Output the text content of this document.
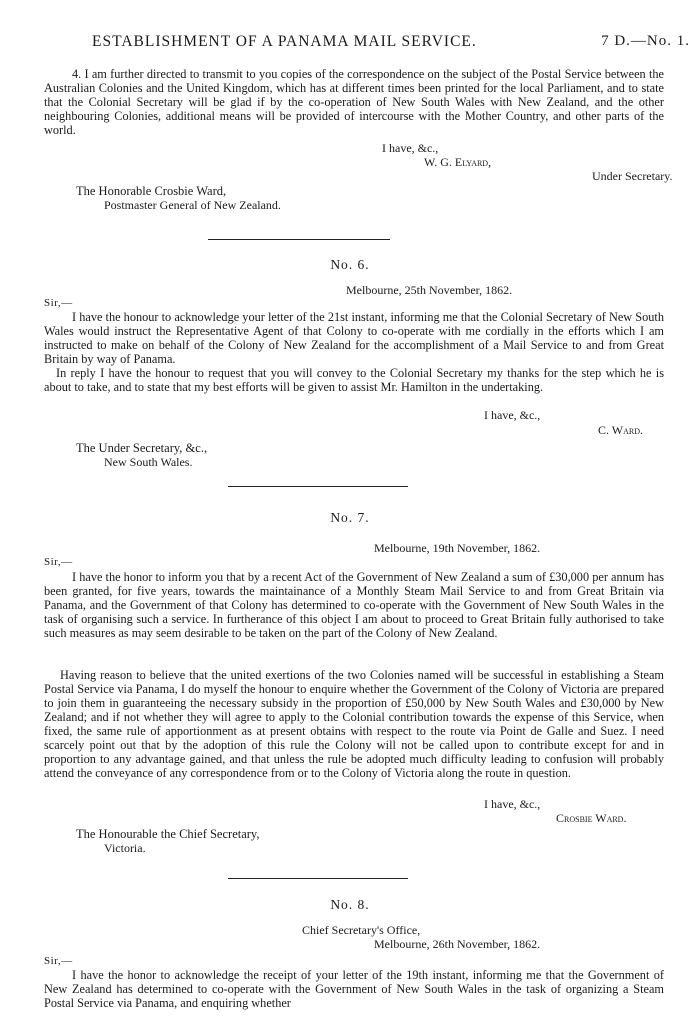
ESTABLISHMENT OF A PANAMA MAIL SERVICE.	7 D.—No. 1.

4. I am further directed to transmit to you copies of the correspondence on the subject of the Postal Service between the Australian Colonies and the United Kingdom, which has at different times been printed for the local Parliament, and to state that the Colonial Secretary will be glad if by the co-operation of New South Wales with New Zealand, and the other neighbouring Colonies, additional means will be provided of intercourse with the Mother Country, and other parts of the world.

I have, &c.,
W. G. Elyard,
Under Secretary.
The Honorable Crosbie Ward,
Postmaster General of New Zealand.
No. 6.
Melbourne, 25th November, 1862.
Sir,—

I have the honour to acknowledge your letter of the 21st instant, informing me that the Colonial Secretary of New South Wales would instruct the Representative Agent of that Colony to co-operate with me cordially in the efforts which I am instructed to make on behalf of the Colony of New Zealand for the accomplishment of a Mail Service to and from Great Britain by way of Panama.

In reply I have the honour to request that you will convey to the Colonial Secretary my thanks for the step which he is about to take, and to state that my best efforts will be given to assist Mr. Hamilton in the undertaking.

I have, &c.,
C. Ward.
The Under Secretary, &c.,
New South Wales.
No. 7.
Melbourne, 19th November, 1862.
Sir,—

I have the honor to inform you that by a recent Act of the Government of New Zealand a sum of £30,000 per annum has been granted, for five years, towards the maintainance of a Monthly Steam Mail Service to and from Great Britain via Panama, and the Government of that Colony has determined to co-operate with the Government of New South Wales in the task of organising such a service. In furtherance of this object I am about to proceed to Great Britain fully authorised to take such measures as may seem desirable to be taken on the part of the Colony of New Zealand.

Having reason to believe that the united exertions of the two Colonies named will be successful in establishing a Steam Postal Service via Panama, I do myself the honour to enquire whether the Government of the Colony of Victoria are prepared to join them in guaranteeing the necessary subsidy in the proportion of £50,000 by New South Wales and £30,000 by New Zealand; and if not whether they will agree to apply to the Colonial contribution towards the expense of this Service, when fixed, the same rule of apportionment as at present obtains with respect to the route via Point de Galle and Suez. I need scarcely point out that by the adoption of this rule the Colony will not be called upon to contribute except for and in proportion to any advantage gained, and that unless the rule be adopted much difficulty leading to confusion will probably attend the conveyance of any correspondence from or to the Colony of Victoria along the route in question.

I have, &c.,
Crosbie Ward.
The Honourable the Chief Secretary,
Victoria.
No. 8.
Chief Secretary's Office,
Melbourne, 26th November, 1862.
Sir,—

I have the honor to acknowledge the receipt of your letter of the 19th instant, informing me that the Government of New Zealand has determined to co-operate with the Government of New South Wales in the task of organizing a Steam Postal Service via Panama, and enquiring whether
